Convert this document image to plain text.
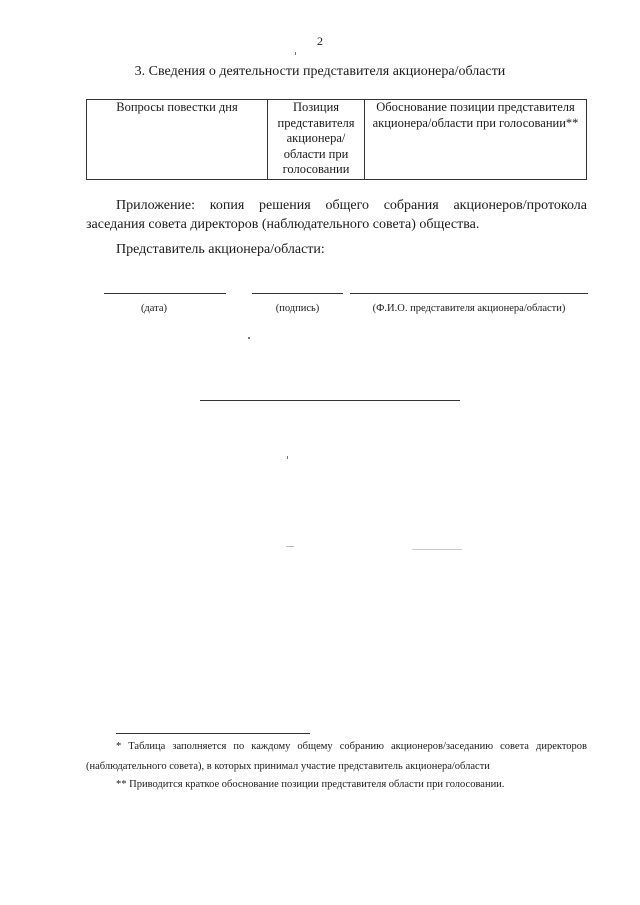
2
3. Сведения о деятельности представителя акционера/области
Вопросы повестки дня	Позиция представителя акционера/ области при голосовании	Обоснование позиции представителя акционера/области при голосовании**
Приложение: копия решения общего собрания акционеров/протокола
заседания совета директоров (наблюдательного совета) общества.
Представитель акционера/области:
(дата)	(подпись)	(Ф.И.О. представителя акционера/области)
* Таблица заполняется по каждому общему собранию акционеров/заседанию совета директоров
(наблюдательного совета), в которых принимал участие представитель акционера/области
** Приводится краткое обоснование позиции представителя области при голосовании.
